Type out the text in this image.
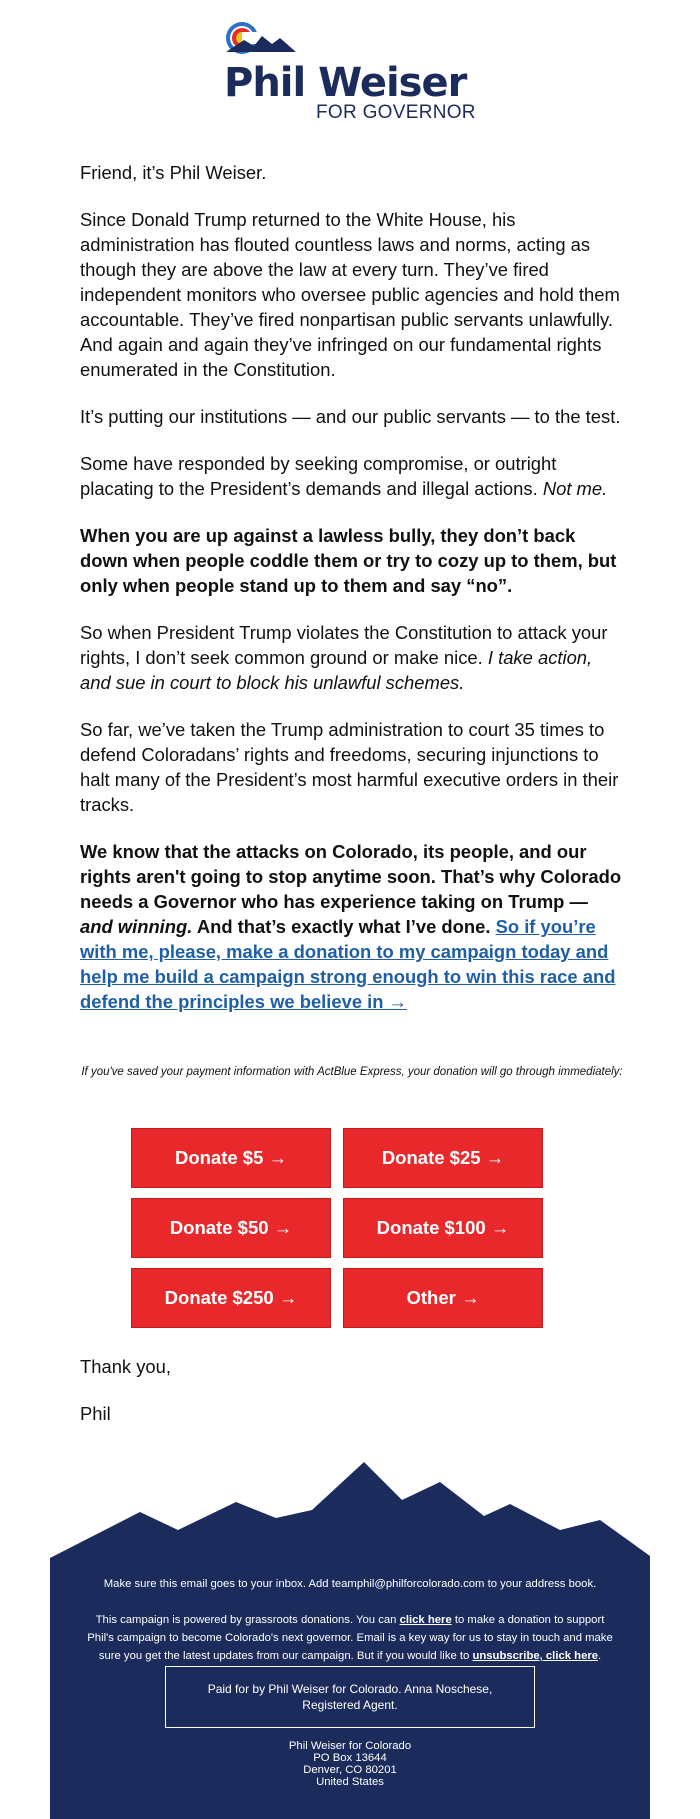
Phil Weiser
FOR GOVERNOR

Friend, it’s Phil Weiser.

Since Donald Trump returned to the White House, his administration has flouted countless laws and norms, acting as though they are above the law at every turn. They’ve fired independent monitors who oversee public agencies and hold them accountable. They’ve fired nonpartisan public servants unlawfully. And again and again they’ve infringed on our fundamental rights enumerated in the Constitution.

It’s putting our institutions — and our public servants — to the test.

Some have responded by seeking compromise, or outright placating to the President’s demands and illegal actions. Not me.

When you are up against a lawless bully, they don’t back down when people coddle them or try to cozy up to them, but only when people stand up to them and say “no”.

So when President Trump violates the Constitution to attack your rights, I don’t seek common ground or make nice. I take action, and sue in court to block his unlawful schemes.

So far, we’ve taken the Trump administration to court 35 times to defend Coloradans’ rights and freedoms, securing injunctions to halt many of the President’s most harmful executive orders in their tracks.

We know that the attacks on Colorado, its people, and our rights aren't going to stop anytime soon. That’s why Colorado needs a Governor who has experience taking on Trump — and winning. And that’s exactly what I’ve done. So if you’re with me, please, make a donation to my campaign today and help me build a campaign strong enough to win this race and defend the principles we believe in →

If you've saved your payment information with ActBlue Express, your donation will go through immediately:
Donate $5 →	Donate $25 →
Donate $50 →	Donate $100 →
Donate $250 →	Other →

Thank you,

Phil

Make sure this email goes to your inbox. Add teamphil@philforcolorado.com to your address book.
This campaign is powered by grassroots donations. You can click here to make a donation to support Phil's campaign to become Colorado's next governor. Email is a key way for us to stay in touch and make sure you get the latest updates from our campaign. But if you would like to unsubscribe, click here.
Paid for by Phil Weiser for Colorado. Anna Noschese, Registered Agent.
Phil Weiser for Colorado
PO Box 13644
Denver, CO 80201
United States
